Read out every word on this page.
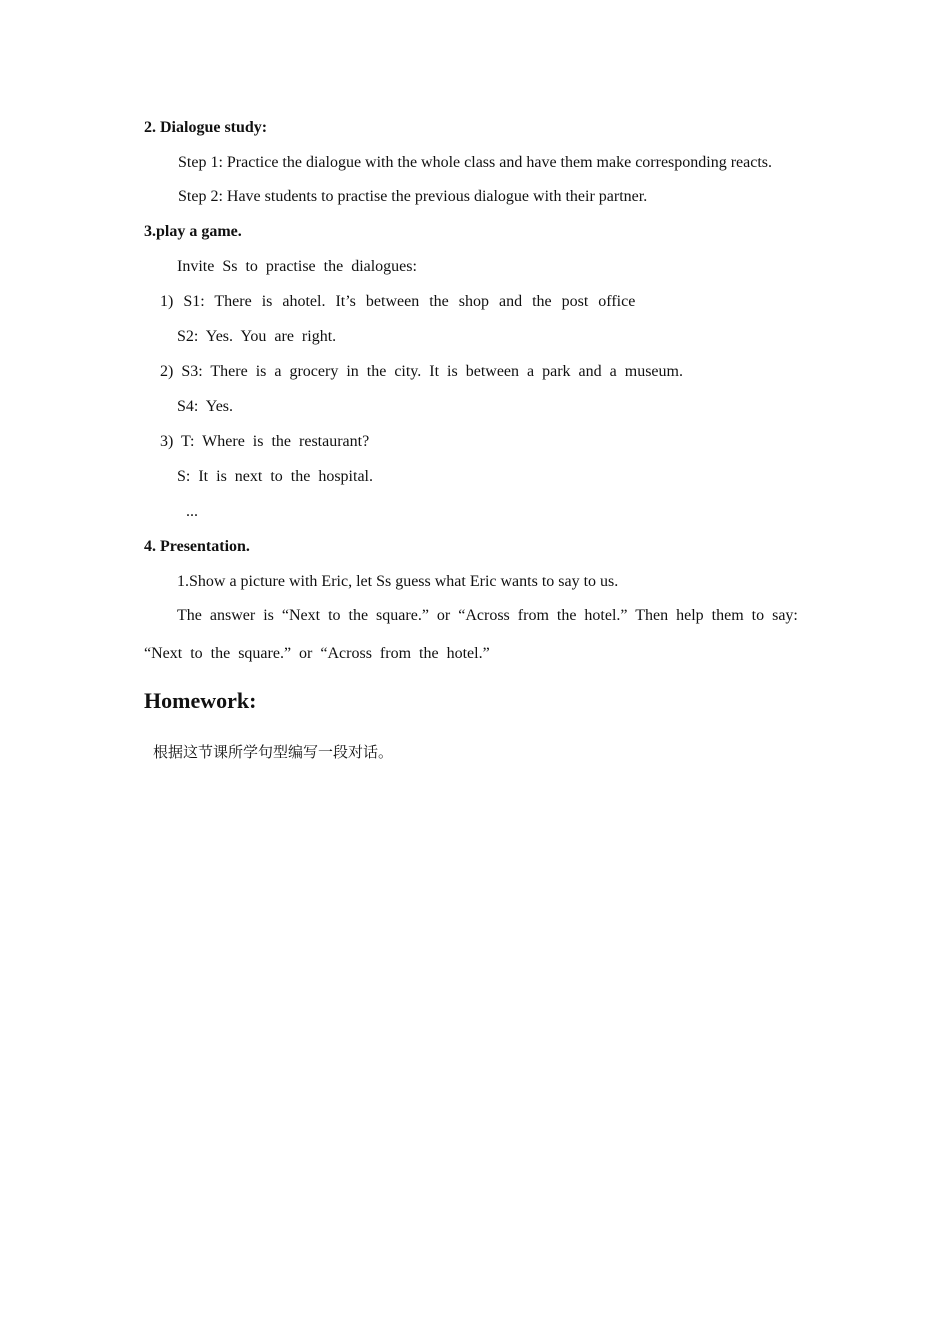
2. Dialogue study:
Step 1: Practice the dialogue with the whole class and have them make corresponding reacts.
Step 2: Have students to practise the previous dialogue with their partner.
3.play a game.
Invite Ss to practise the dialogues:
1) S1: There is ahotel. It’s between the shop and the post office
S2: Yes. You are right.
2) S3: There is a grocery in the city. It is between a park and a museum.
S4: Yes.
3) T: Where is the restaurant?
S: It is next to the hospital.
...
4. Presentation.
1.Show a picture with Eric, let Ss guess what Eric wants to say to us.
The answer is “Next to the square.” or “Across from the hotel.” Then help them to say:
“Next to the square.” or “Across from the hotel.”
Homework:
根据这节课所学句型编写一段对话。
